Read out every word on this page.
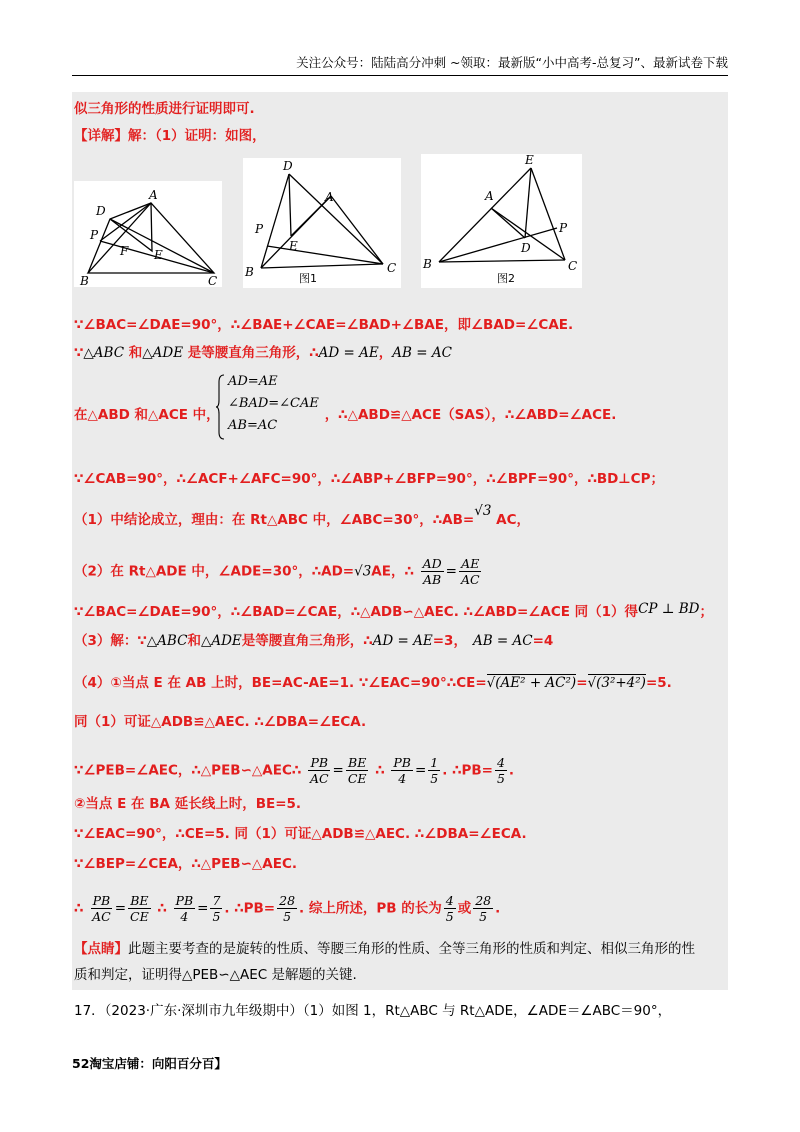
关注公众号：陆陆高分冲刺 ~领取：最新版“小中高考-总复习”、最新试卷下载
似三角形的性质进行证明即可.
【详解】解：（1）证明：如图，
D
A
P
F E
B	C
D
A
P
E
B	C
图1
E
A
P
D
B	C
图2
∵∠BAC=∠DAE=90°，∴∠BAE+∠CAE=∠BAD+∠BAE，即∠BAD=∠CAE.
∵△ABC 和△ADE 是等腰直角三角形，∴AD = AE，AB = AC
AD=AE
∠BAD=∠CAE
AB=AC
在△ABD 和△ACE 中，	，∴△ABD≌△ACE（SAS），∴∠ABD=∠ACE.
∵∠CAB=90°，∴∠ACF+∠AFC=90°，∴∠ABP+∠BFP=90°，∴∠BPF=90°，∴BD⊥CP；
（1）中结论成立，理由：在 Rt△ABC 中，∠ABC=30°，∴AB=√3 AC，
（2）在 Rt△ADE 中，∠ADE=30°，∴AD=√3AE，∴ $\frac{AD}{AB} = \frac{AE}{AC}$
∵∠BAC=∠DAE=90°，∴∠BAD=∠CAE，∴△ADB∽△AEC. ∴∠ABD=∠ACE 同（1）得CP ⊥ BD；
（3）解：∵△ABC和△ADE是等腰直角三角形，∴AD = AE=3， AB = AC=4
（4）①当点 E 在 AB 上时，BE=AC-AE=1. ∵∠EAC=90°∴CE=√(AE² + AC²)=√(3²+4²)=5.
同（1）可证△ADB≌△AEC. ∴∠DBA=∠ECA.
∵∠PEB=∠AEC，∴△PEB∽△AEC∴ $\frac{PB}{AC} = \frac{BE}{CE}$ ∴ $\frac{PB}{4} = \frac{1}{5}$ . ∴PB= $\frac{4}{5}$ .
②当点 E 在 BA 延长线上时，BE=5.
∵∠EAC=90°，∴CE=5. 同（1）可证△ADB≌△AEC. ∴∠DBA=∠ECA.
∵∠BEP=∠CEA，∴△PEB∽△AEC.
∴ $\frac{PB}{AC} = \frac{BE}{CE}$ ∴ $\frac{PB}{4} = \frac{7}{5}$ . ∴PB= $\frac{28}{5}$ . 综上所述，PB 的长为 $\frac{4}{5}$ 或 $\frac{28}{5}$ .
【点睛】此题主要考查的是旋转的性质、等腰三角形的性质、全等三角形的性质和判定、相似三角形的性
质和判定，证明得△PEB∽△AEC 是解题的关键.
17．（2023·广东·深圳市九年级期中）（1）如图 1，Rt△ABC 与 Rt△ADE，∠ADE＝∠ABC＝90°，
52淘宝店铺：向阳百分百】
